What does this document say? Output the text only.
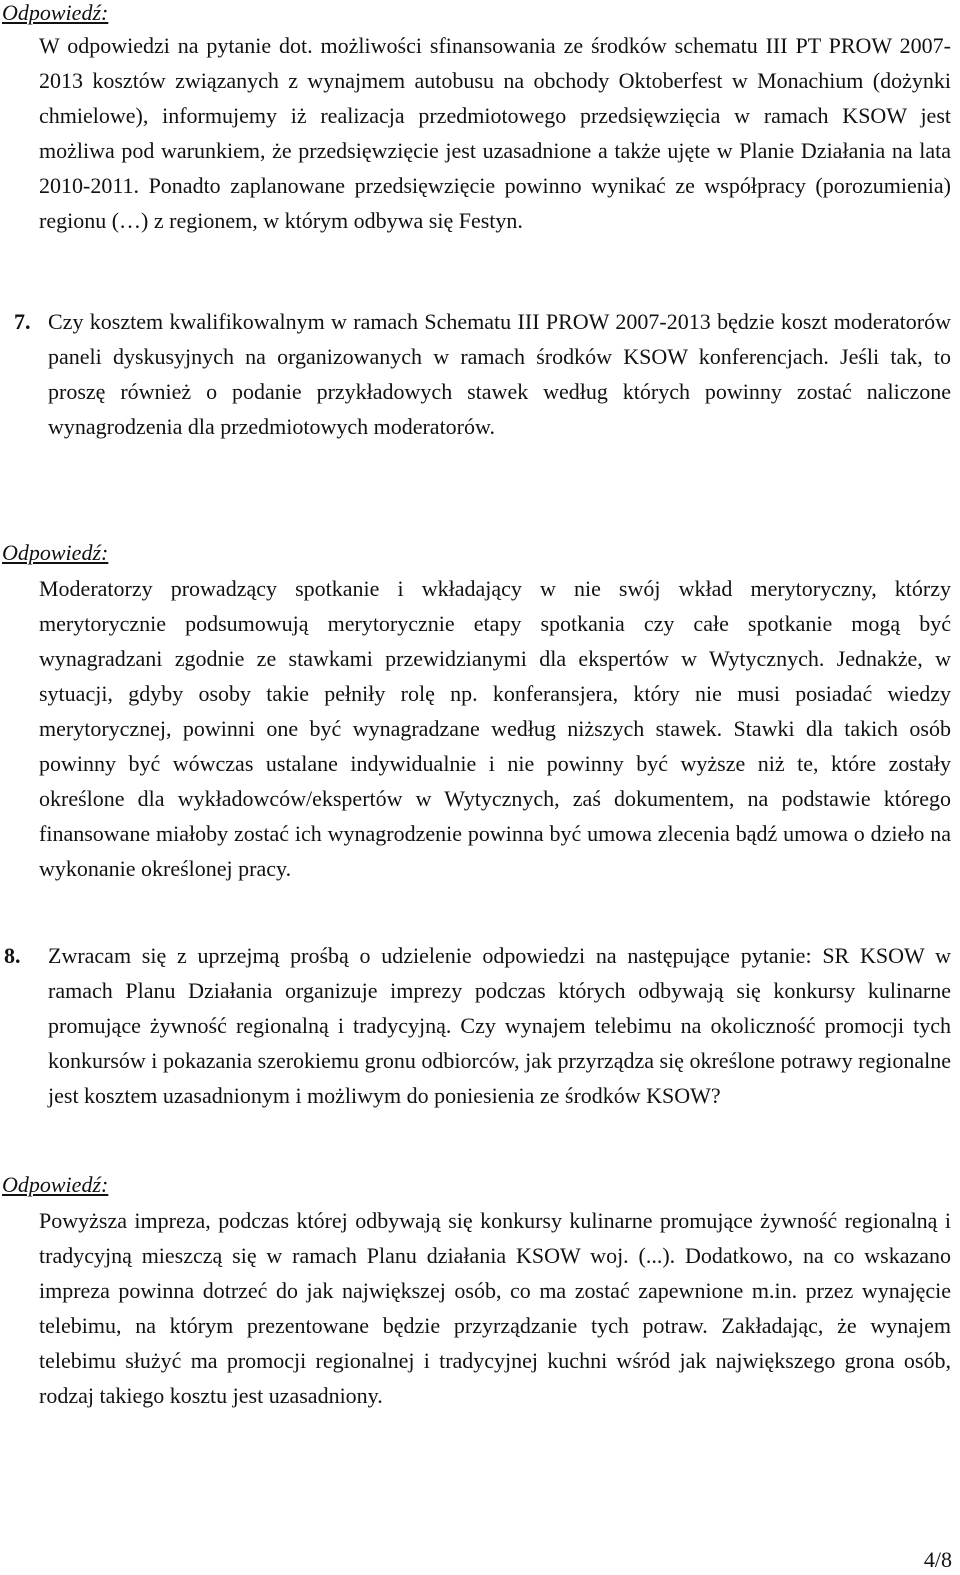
Odpowiedź:

W odpowiedzi na pytanie dot. możliwości sfinansowania ze środków schematu III PT PROW 2007-2013 kosztów związanych z wynajmem autobusu na obchody Oktoberfest w Monachium (dożynki chmielowe), informujemy iż realizacja przedmiotowego przedsięwzięcia w ramach KSOW jest możliwa pod warunkiem, że przedsięwzięcie jest uzasadnione a także ujęte w Planie Działania na lata 2010-2011. Ponadto zaplanowane przedsięwzięcie powinno wynikać ze współpracy (porozumienia) regionu (…) z regionem, w którym odbywa się Festyn.

7. Czy kosztem kwalifikowalnym w ramach Schematu III PROW 2007-2013 będzie koszt moderatorów paneli dyskusyjnych na organizowanych w ramach środków KSOW konferencjach. Jeśli tak, to proszę również o podanie przykładowych stawek według których powinny zostać naliczone wynagrodzenia dla przedmiotowych moderatorów.

Odpowiedź:

Moderatorzy prowadzący spotkanie i wkładający w nie swój wkład merytoryczny, którzy merytorycznie podsumowują merytorycznie etapy spotkania czy całe spotkanie mogą być wynagradzani zgodnie ze stawkami przewidzianymi dla ekspertów w Wytycznych. Jednakże, w sytuacji, gdyby osoby takie pełniły rolę np. konferansjera, który nie musi posiadać wiedzy merytorycznej, powinni one być wynagradzane według niższych stawek. Stawki dla takich osób powinny być wówczas ustalane indywidualnie i nie powinny być wyższe niż te, które zostały określone dla wykładowców/ekspertów w Wytycznych, zaś dokumentem, na podstawie którego finansowane miałoby zostać ich wynagrodzenie powinna być umowa zlecenia bądź umowa o dzieło na wykonanie określonej pracy.

8. Zwracam się z uprzejmą prośbą o udzielenie odpowiedzi na następujące pytanie: SR KSOW w ramach Planu Działania organizuje imprezy podczas których odbywają się konkursy kulinarne promujące żywność regionalną i tradycyjną. Czy wynajem telebimu na okoliczność promocji tych konkursów i pokazania szerokiemu gronu odbiorców, jak przyrządza się określone potrawy regionalne jest kosztem uzasadnionym i możliwym do poniesienia ze środków KSOW?

Odpowiedź:

Powyższa impreza, podczas której odbywają się konkursy kulinarne promujące żywność regionalną i tradycyjną mieszczą się w ramach Planu działania KSOW woj. (...). Dodatkowo, na co wskazano impreza powinna dotrzeć do jak największej osób, co ma zostać zapewnione m.in. przez wynajęcie telebimu, na którym prezentowane będzie przyrządzanie tych potraw. Zakładając, że wynajem telebimu służyć ma promocji regionalnej i tradycyjnej kuchni wśród jak największego grona osób, rodzaj takiego kosztu jest uzasadniony.

4/8
